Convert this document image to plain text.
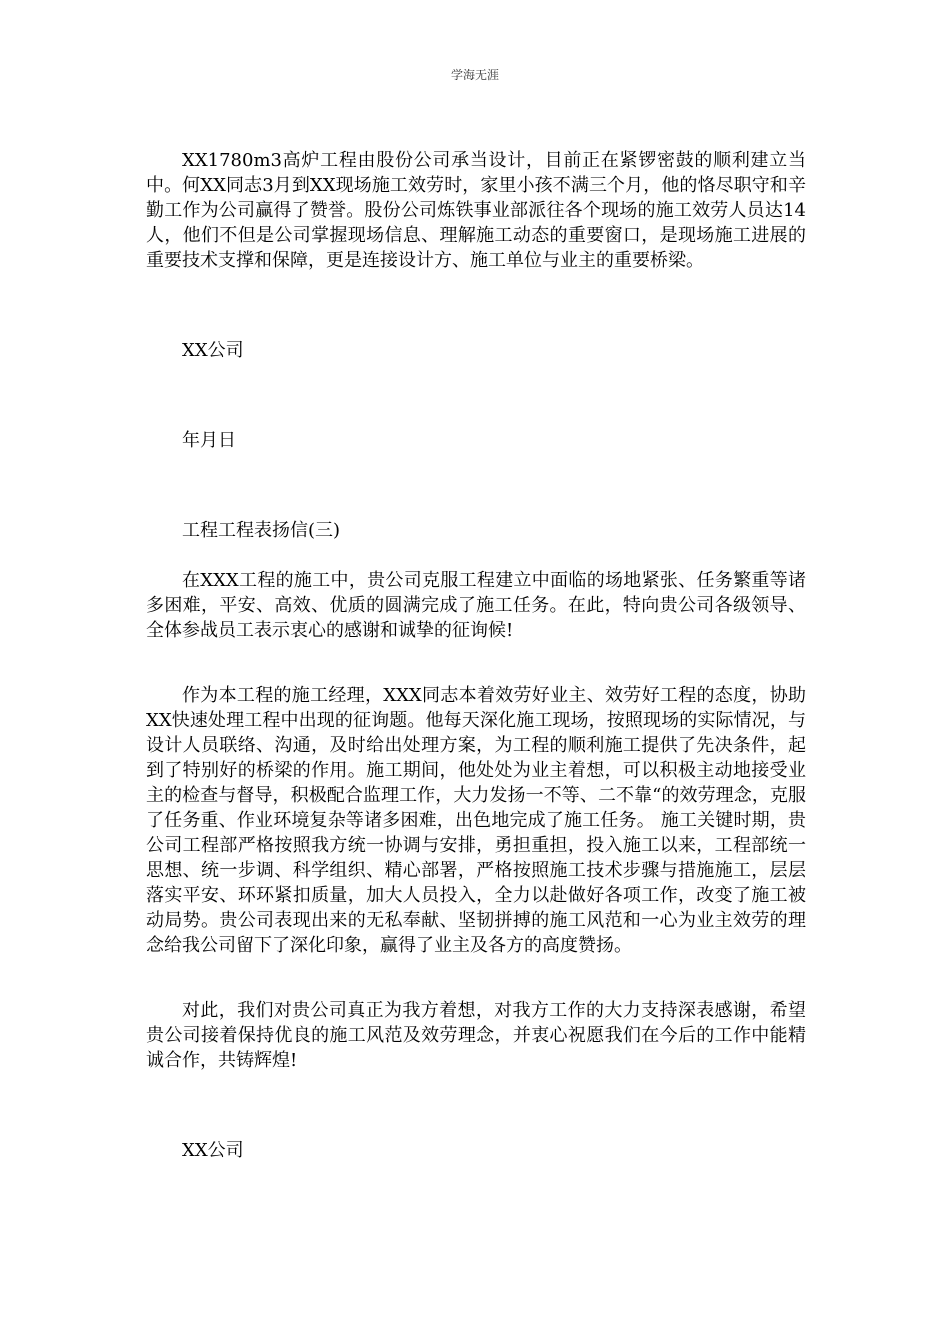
学海无涯

XX1780m3高炉工程由股份公司承当设计，目前正在紧锣密鼓的顺利建立当中。何XX同志3月到XX现场施工效劳时，家里小孩不满三个月，他的恪尽职守和辛勤工作为公司赢得了赞誉。股份公司炼铁事业部派往各个现场的施工效劳人员达14人，他们不但是公司掌握现场信息、理解施工动态的重要窗口，是现场施工进展的重要技术支撑和保障，更是连接设计方、施工单位与业主的重要桥梁。

XX公司

年月日

工程工程表扬信(三)

在XXX工程的施工中，贵公司克服工程建立中面临的场地紧张、任务繁重等诸多困难，平安、高效、优质的圆满完成了施工任务。在此，特向贵公司各级领导、全体参战员工表示衷心的感谢和诚挚的征询候!

作为本工程的施工经理，XXX同志本着效劳好业主、效劳好工程的态度，协助XX快速处理工程中出现的征询题。他每天深化施工现场，按照现场的实际情况，与设计人员联络、沟通，及时给出处理方案，为工程的顺利施工提供了先决条件，起到了特别好的桥梁的作用。施工期间，他处处为业主着想，可以积极主动地接受业主的检查与督导，积极配合监理工作，大力发扬一不等、二不靠“的效劳理念，克服了任务重、作业环境复杂等诸多困难，出色地完成了施工任务。 施工关键时期，贵公司工程部严格按照我方统一协调与安排，勇担重担，投入施工以来，工程部统一思想、统一步调、科学组织、精心部署，严格按照施工技术步骤与措施施工，层层落实平安、环环紧扣质量，加大人员投入，全力以赴做好各项工作，改变了施工被动局势。贵公司表现出来的无私奉献、坚韧拼搏的施工风范和一心为业主效劳的理念给我公司留下了深化印象，赢得了业主及各方的高度赞扬。

对此，我们对贵公司真正为我方着想，对我方工作的大力支持深表感谢，希望贵公司接着保持优良的施工风范及效劳理念，并衷心祝愿我们在今后的工作中能精诚合作，共铸辉煌!

XX公司
